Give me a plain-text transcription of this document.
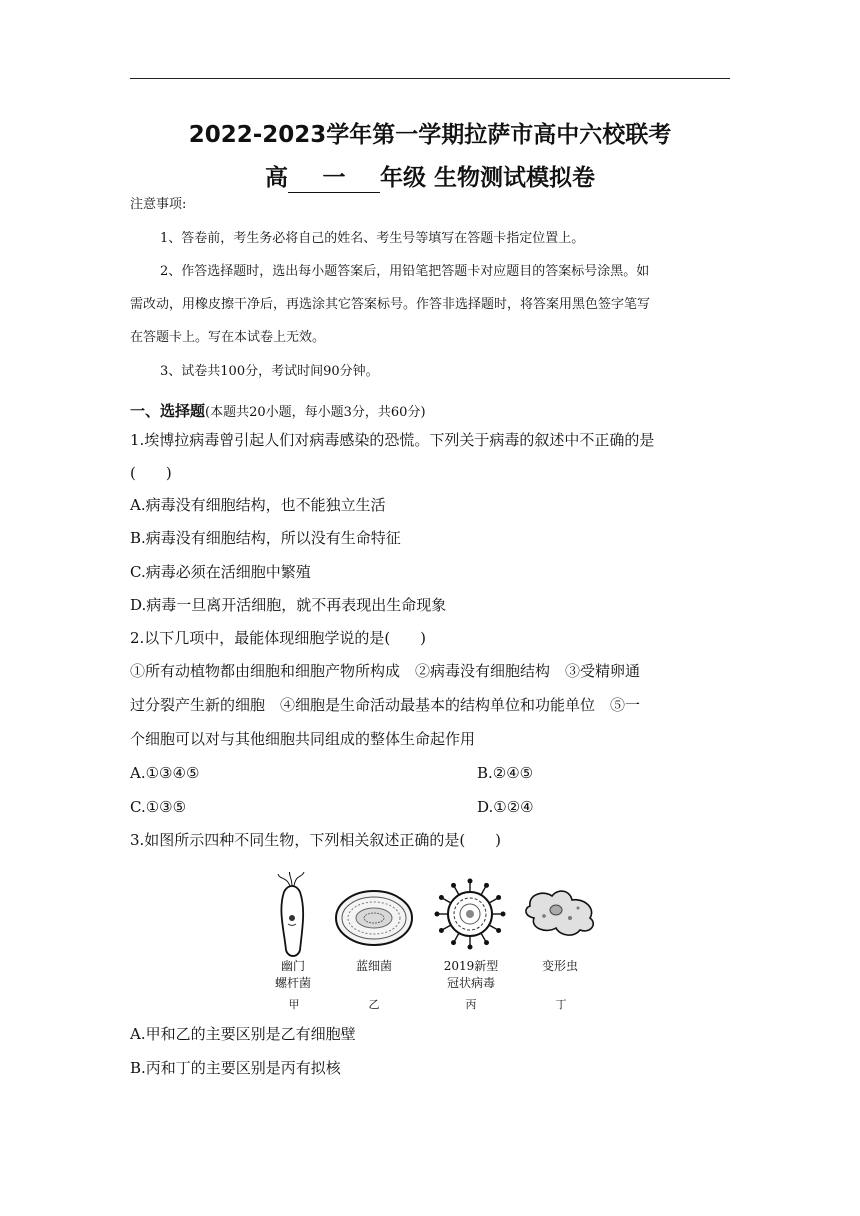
2022-2023学年第一学期拉萨市高中六校联考
高 一 年级 生物测试模拟卷
注意事项:
1、答卷前，考生务必将自己的姓名、考生号等填写在答题卡指定位置上。
2、作答选择题时，选出每小题答案后，用铅笔把答题卡对应题目的答案标号涂黑。如
需改动，用橡皮擦干净后，再选涂其它答案标号。作答非选择题时，将答案用黑色签字笔写
在答题卡上。写在本试卷上无效。
3、试卷共100分，考试时间90分钟。
一、选择题(本题共20小题，每小题3分，共60分)
1.埃博拉病毒曾引起人们对病毒感染的恐慌。下列关于病毒的叙述中不正确的是
(　　)
A.病毒没有细胞结构，也不能独立生活
B.病毒没有细胞结构，所以没有生命特征
C.病毒必须在活细胞中繁殖
D.病毒一旦离开活细胞，就不再表现出生命现象
2.以下几项中，最能体现细胞学说的是(　　)
①所有动植物都由细胞和细胞产物所构成　②病毒没有细胞结构　③受精卵通
过分裂产生新的细胞　④细胞是生命活动最基本的结构单位和功能单位　⑤一
个细胞可以对与其他细胞共同组成的整体生命起作用
A.①③④⑤	B.②④⑤
C.①③⑤	D.①②④
3.如图所示四种不同生物，下列相关叙述正确的是(　　)
幽门
螺杆菌
蓝细菌	2019新型
冠状病毒
变形虫
甲	乙	丙	丁
A.甲和乙的主要区别是乙有细胞壁
B.丙和丁的主要区别是丙有拟核
